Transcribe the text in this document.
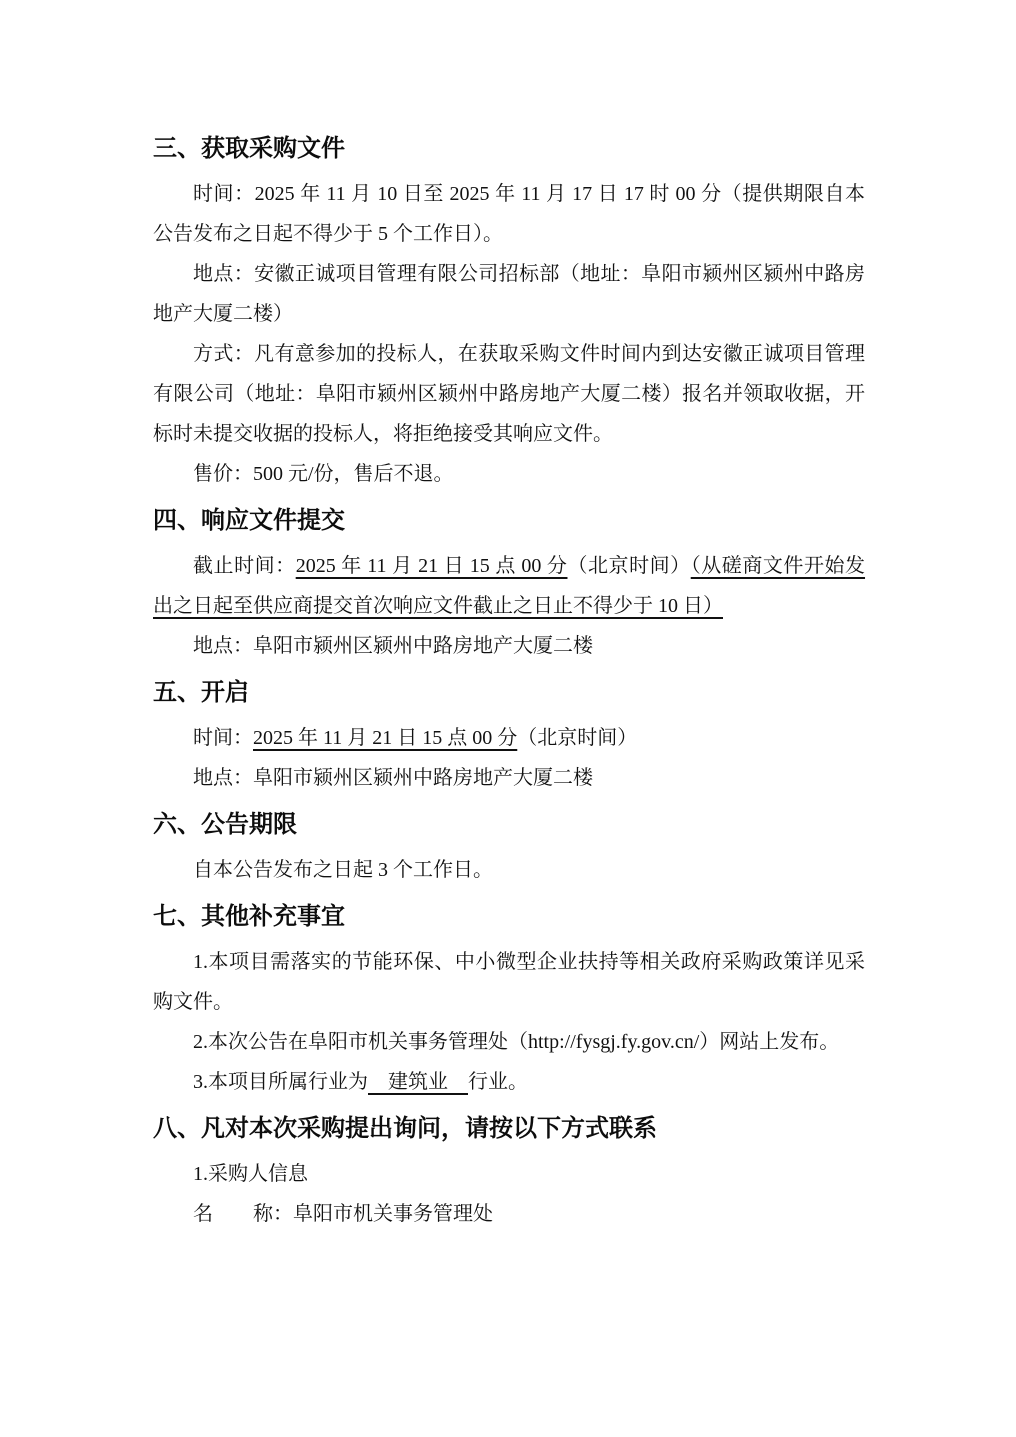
三、获取采购文件

时间：2025 年 11 月 10 日至 2025 年 11 月 17 日 17 时 00 分（提供期限自本公告发布之日起不得少于 5 个工作日）。

地点：安徽正诚项目管理有限公司招标部（地址：阜阳市颍州区颍州中路房地产大厦二楼）

方式：凡有意参加的投标人，在获取采购文件时间内到达安徽正诚项目管理有限公司（地址：阜阳市颍州区颍州中路房地产大厦二楼）报名并领取收据，开标时未提交收据的投标人，将拒绝接受其响应文件。

售价：500 元/份，售后不退。

四、响应文件提交

截止时间：2025 年 11 月 21 日 15 点 00 分（北京时间）（从磋商文件开始发出之日起至供应商提交首次响应文件截止之日止不得少于 10 日）

地点：阜阳市颍州区颍州中路房地产大厦二楼

五、开启

时间：2025 年 11 月 21 日 15 点 00 分（北京时间）

地点：阜阳市颍州区颍州中路房地产大厦二楼

六、公告期限

自本公告发布之日起 3 个工作日。

七、其他补充事宜

1.本项目需落实的节能环保、中小微型企业扶持等相关政府采购政策详见采购文件。

2.本次公告在阜阳市机关事务管理处（http://fysgj.fy.gov.cn/）网站上发布。

3.本项目所属行业为　建筑业　行业。

八、凡对本次采购提出询问，请按以下方式联系

1.采购人信息

名　　称：阜阳市机关事务管理处
